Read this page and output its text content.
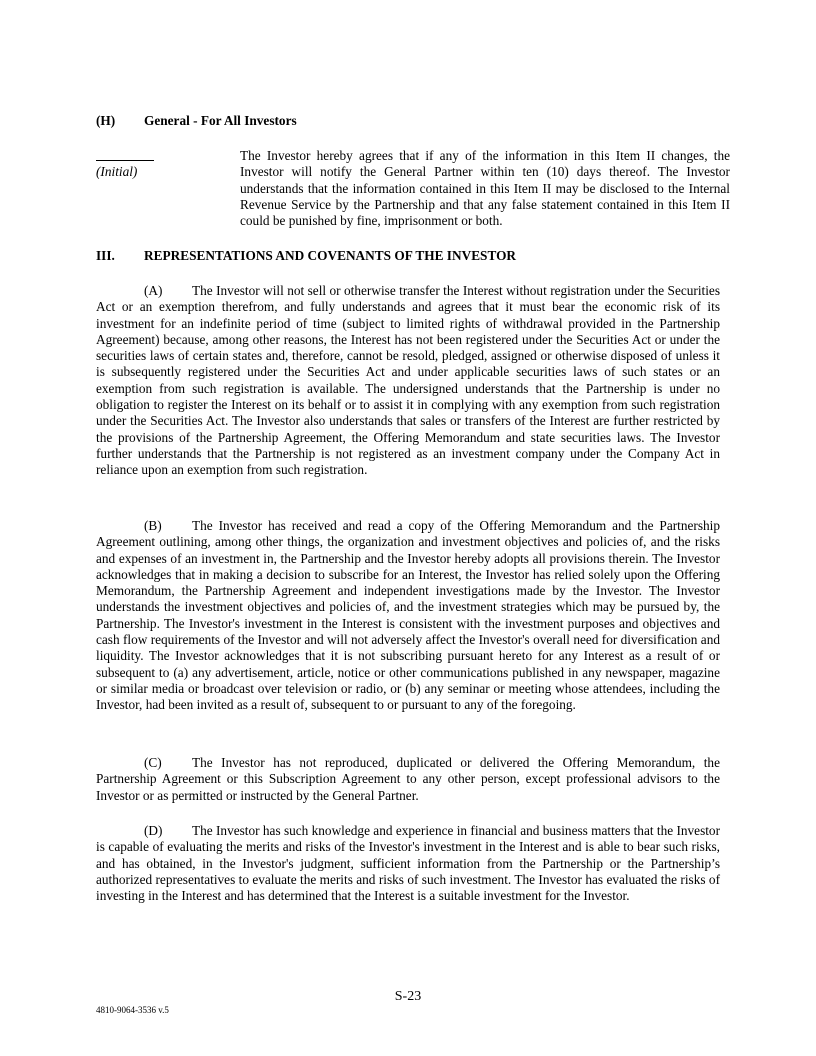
(H) General - For All Investors
(Initial)
The Investor hereby agrees that if any of the information in this Item II changes, the Investor will notify the General Partner within ten (10) days thereof. The Investor understands that the information contained in this Item II may be disclosed to the Internal Revenue Service by the Partnership and that any false statement contained in this Item II could be punished by fine, imprisonment or both.
III. REPRESENTATIONS AND COVENANTS OF THE INVESTOR
(A) The Investor will not sell or otherwise transfer the Interest without registration under the Securities Act or an exemption therefrom, and fully understands and agrees that it must bear the economic risk of its investment for an indefinite period of time (subject to limited rights of withdrawal provided in the Partnership Agreement) because, among other reasons, the Interest has not been registered under the Securities Act or under the securities laws of certain states and, therefore, cannot be resold, pledged, assigned or otherwise disposed of unless it is subsequently registered under the Securities Act and under applicable securities laws of such states or an exemption from such registration is available. The undersigned understands that the Partnership is under no obligation to register the Interest on its behalf or to assist it in complying with any exemption from such registration under the Securities Act. The Investor also understands that sales or transfers of the Interest are further restricted by the provisions of the Partnership Agreement, the Offering Memorandum and state securities laws. The Investor further understands that the Partnership is not registered as an investment company under the Company Act in reliance upon an exemption from such registration.
(B) The Investor has received and read a copy of the Offering Memorandum and the Partnership Agreement outlining, among other things, the organization and investment objectives and policies of, and the risks and expenses of an investment in, the Partnership and the Investor hereby adopts all provisions therein. The Investor acknowledges that in making a decision to subscribe for an Interest, the Investor has relied solely upon the Offering Memorandum, the Partnership Agreement and independent investigations made by the Investor. The Investor understands the investment objectives and policies of, and the investment strategies which may be pursued by, the Partnership. The Investor's investment in the Interest is consistent with the investment purposes and objectives and cash flow requirements of the Investor and will not adversely affect the Investor's overall need for diversification and liquidity. The Investor acknowledges that it is not subscribing pursuant hereto for any Interest as a result of or subsequent to (a) any advertisement, article, notice or other communications published in any newspaper, magazine or similar media or broadcast over television or radio, or (b) any seminar or meeting whose attendees, including the Investor, had been invited as a result of, subsequent to or pursuant to any of the foregoing.
(C) The Investor has not reproduced, duplicated or delivered the Offering Memorandum, the Partnership Agreement or this Subscription Agreement to any other person, except professional advisors to the Investor or as permitted or instructed by the General Partner.
(D) The Investor has such knowledge and experience in financial and business matters that the Investor is capable of evaluating the merits and risks of the Investor's investment in the Interest and is able to bear such risks, and has obtained, in the Investor's judgment, sufficient information from the Partnership or the Partnership’s authorized representatives to evaluate the merits and risks of such investment. The Investor has evaluated the risks of investing in the Interest and has determined that the Interest is a suitable investment for the Investor.
S-23
4810-9064-3536 v.5
